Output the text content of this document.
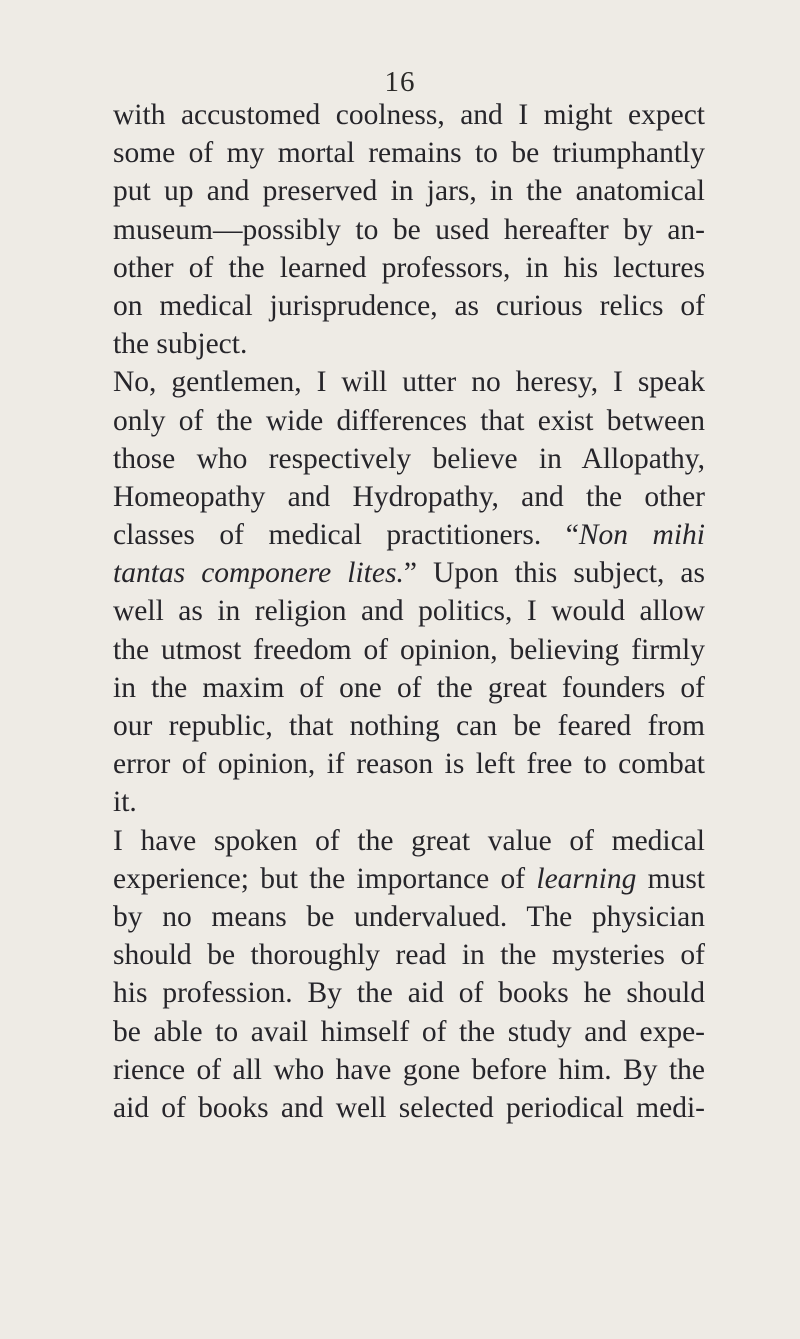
16
with accustomed coolness, and I might expect
some of my mortal remains to be triumphantly
put up and preserved in jars, in the anatomical
museum—possibly to be used hereafter by an-
other of the learned professors, in his lectures
on medical jurisprudence, as curious relics of
the subject.
No, gentlemen, I will utter no heresy, I speak
only of the wide differences that exist between
those who respectively believe in Allopathy,
Homeopathy and Hydropathy, and the other
classes of medical practitioners. “Non mihi
tantas componere lites.” Upon this subject, as
well as in religion and politics, I would allow
the utmost freedom of opinion, believing firmly
in the maxim of one of the great founders of
our republic, that nothing can be feared from
error of opinion, if reason is left free to combat
it.
I have spoken of the great value of medical
experience; but the importance of learning must
by no means be undervalued. The physician
should be thoroughly read in the mysteries of
his profession. By the aid of books he should
be able to avail himself of the study and expe-
rience of all who have gone before him. By the
aid of books and well selected periodical medi-
